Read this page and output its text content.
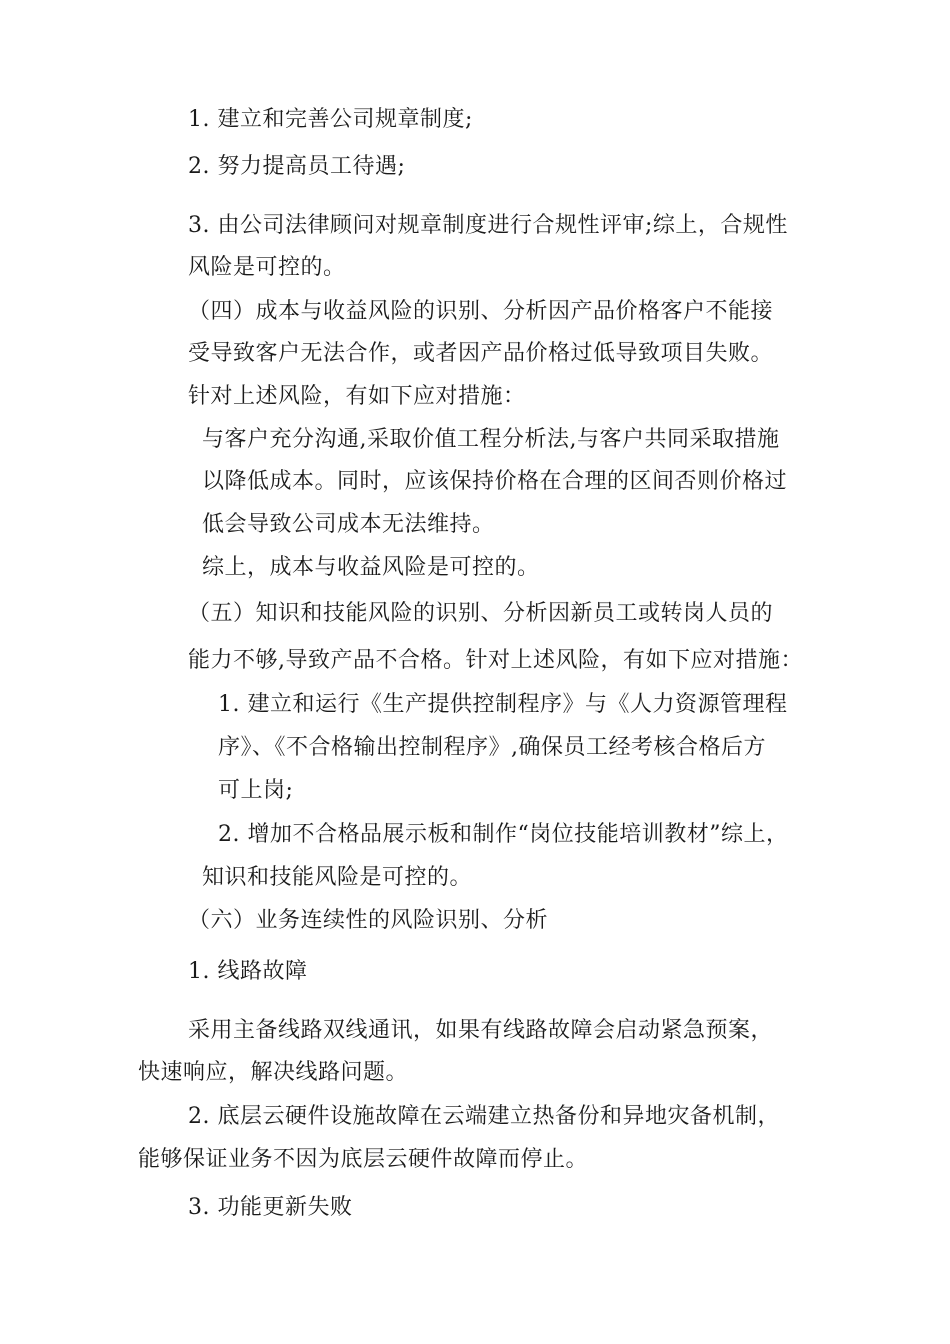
1. 建立和完善公司规章制度;
2. 努力提高员工待遇;
3. 由公司法律顾问对规章制度进行合规性评审;综上，合规性
风险是可控的。
（四）成本与收益风险的识别、分析因产品价格客户不能接
受导致客户无法合作，或者因产品价格过低导致项目失败。
针对上述风险，有如下应对措施：
与客户充分沟通,采取价值工程分析法,与客户共同采取措施
以降低成本。同时，应该保持价格在合理的区间否则价格过
低会导致公司成本无法维持。
综上，成本与收益风险是可控的。
（五）知识和技能风险的识别、分析因新员工或转岗人员的
能力不够,导致产品不合格。针对上述风险，有如下应对措施：
1. 建立和运行《生产提供控制程序》与《人力资源管理程
序》、《不合格输出控制程序》,确保员工经考核合格后方
可上岗;
2. 增加不合格品展示板和制作“岗位技能培训教材”综上，
知识和技能风险是可控的。
（六）业务连续性的风险识别、分析
1. 线路故障
采用主备线路双线通讯，如果有线路故障会启动紧急预案，
快速响应，解决线路问题。
2. 底层云硬件设施故障在云端建立热备份和异地灾备机制，
能够保证业务不因为底层云硬件故障而停止。
3. 功能更新失败
